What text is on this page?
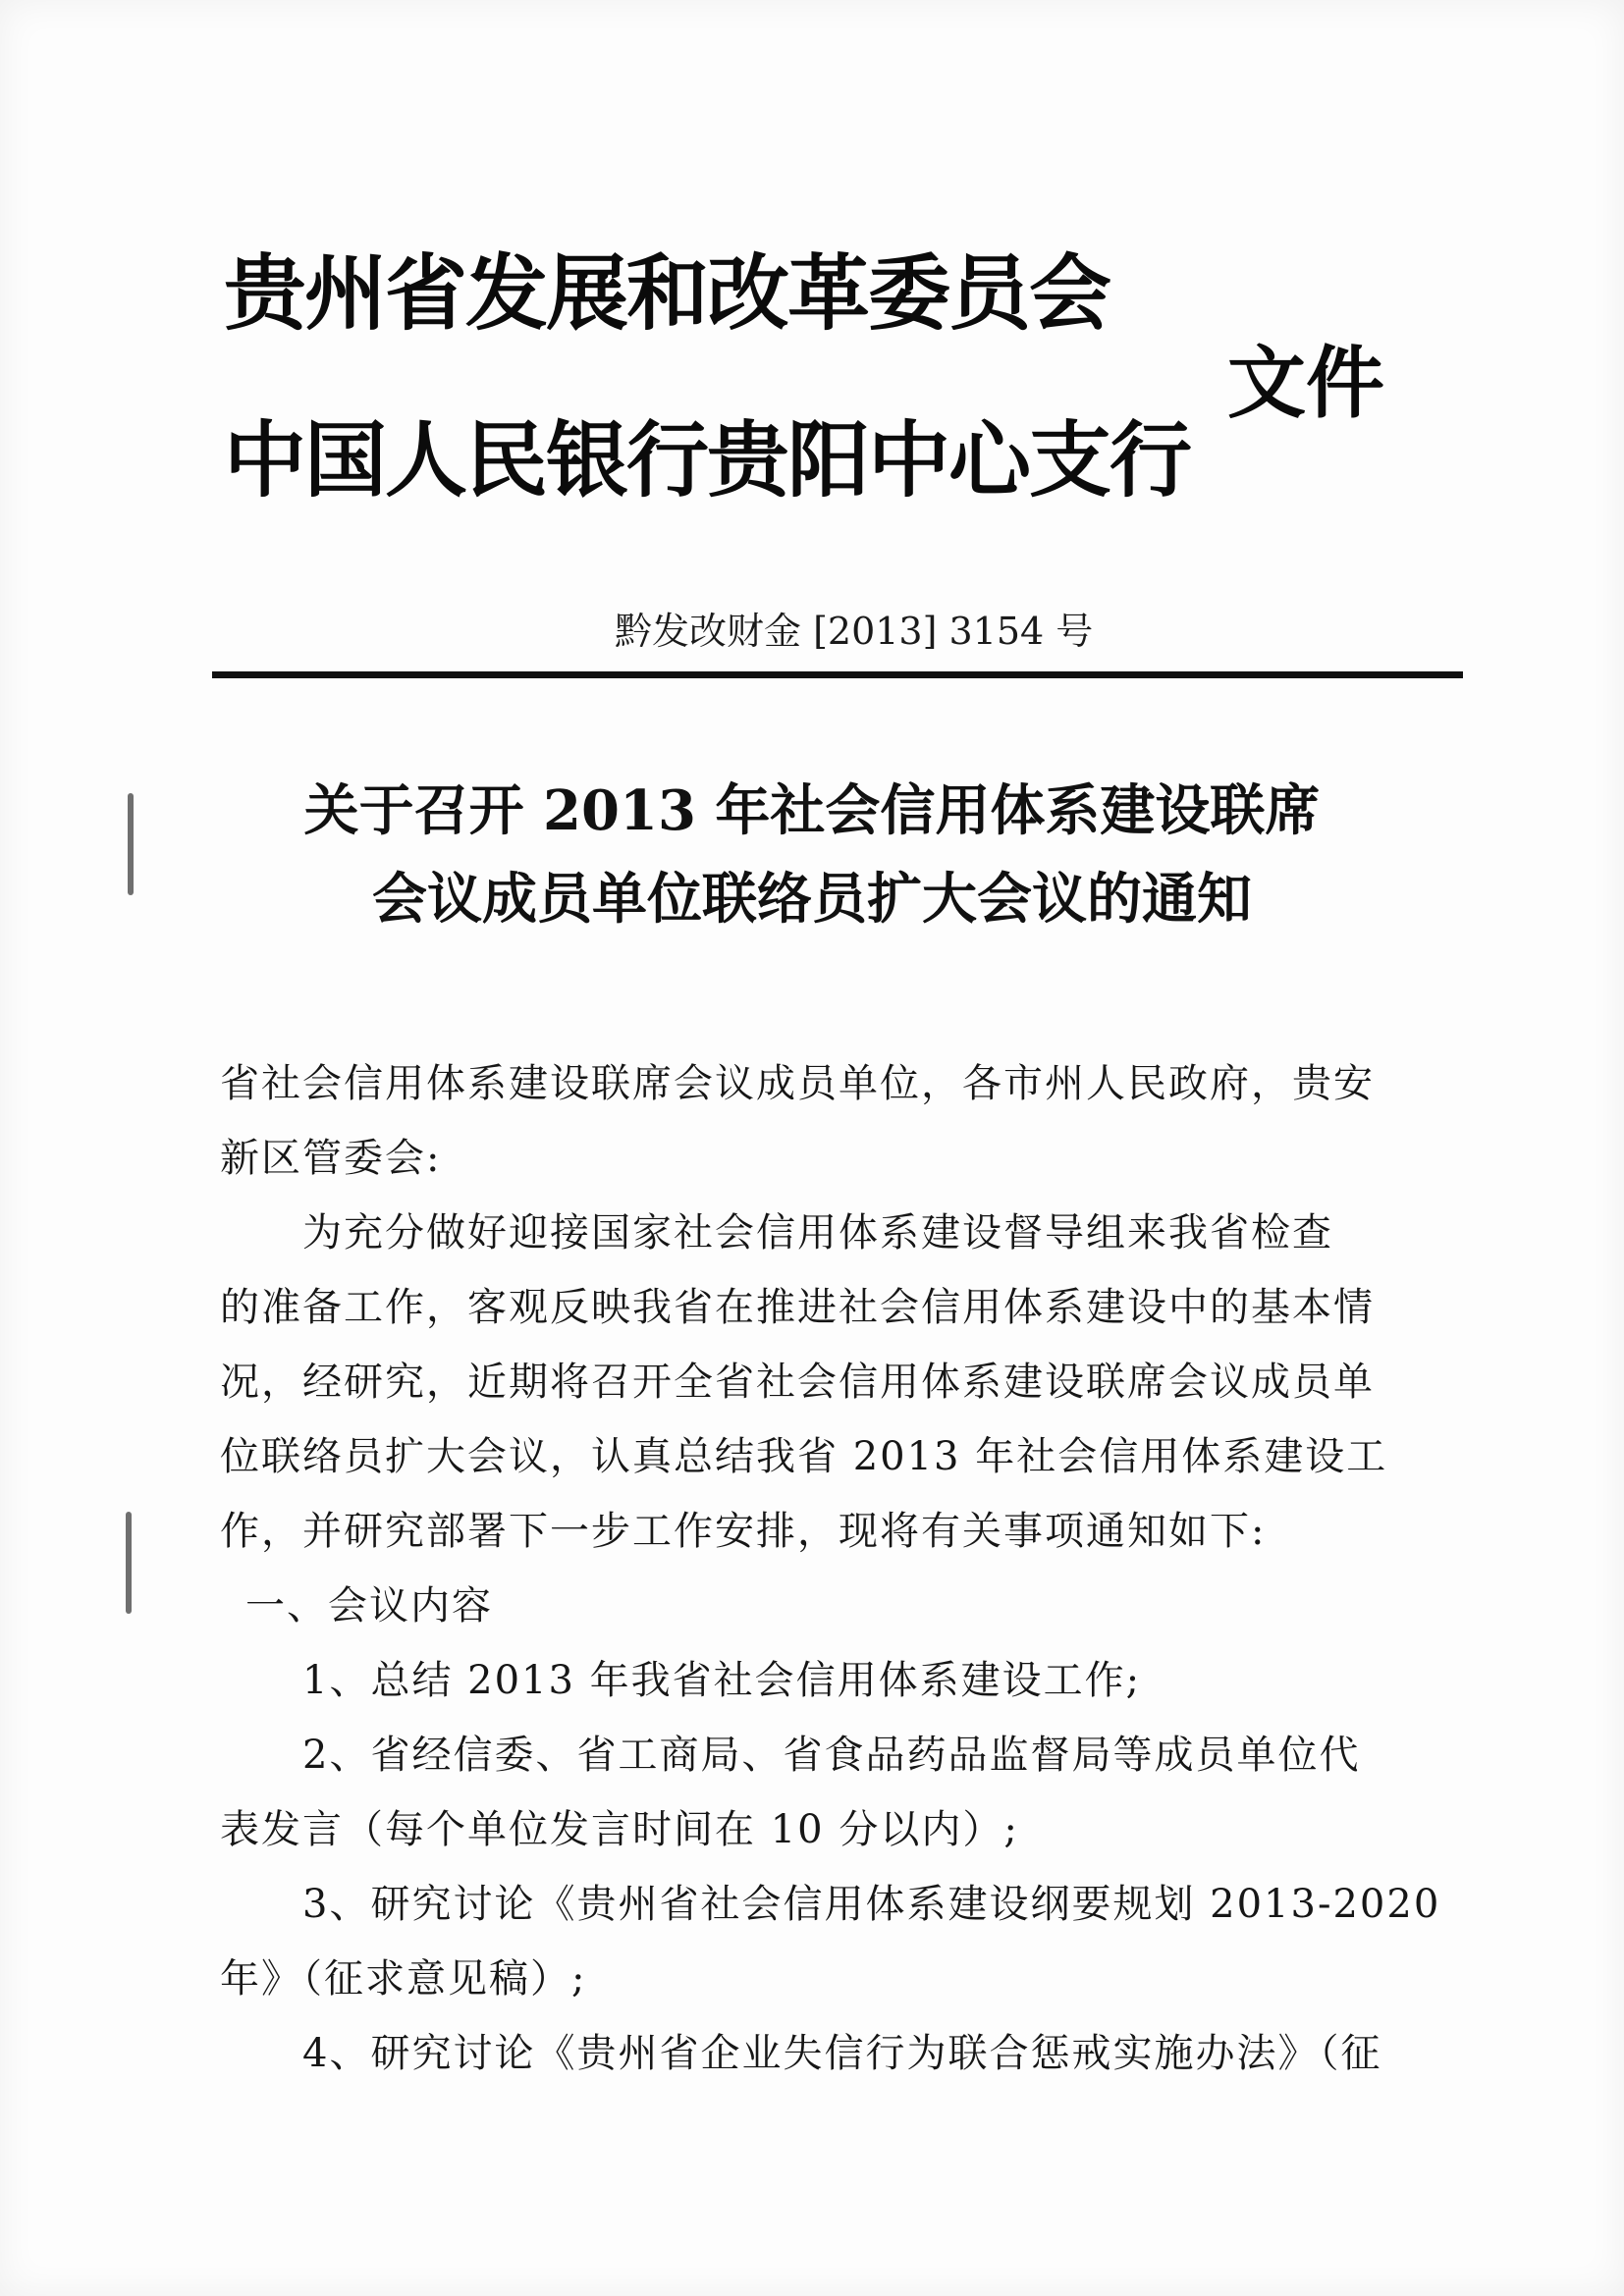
贵州省发展和改革委员会
中国人民银行贵阳中心支行
文件
黔发改财金 [2013] 3154 号
关于召开 2013 年社会信用体系建设联席
会议成员单位联络员扩大会议的通知
省社会信用体系建设联席会议成员单位，各市州人民政府，贵安
新区管委会:
为充分做好迎接国家社会信用体系建设督导组来我省检查
的准备工作，客观反映我省在推进社会信用体系建设中的基本情
况，经研究，近期将召开全省社会信用体系建设联席会议成员单
位联络员扩大会议，认真总结我省 2013 年社会信用体系建设工
作，并研究部署下一步工作安排，现将有关事项通知如下:
一、会议内容
1、总结 2013 年我省社会信用体系建设工作;
2、省经信委、省工商局、省食品药品监督局等成员单位代
表发言（每个单位发言时间在 10 分以内）;
3、研究讨论《贵州省社会信用体系建设纲要规划 2013-2020
年》（征求意见稿）;
4、研究讨论《贵州省企业失信行为联合惩戒实施办法》（征
